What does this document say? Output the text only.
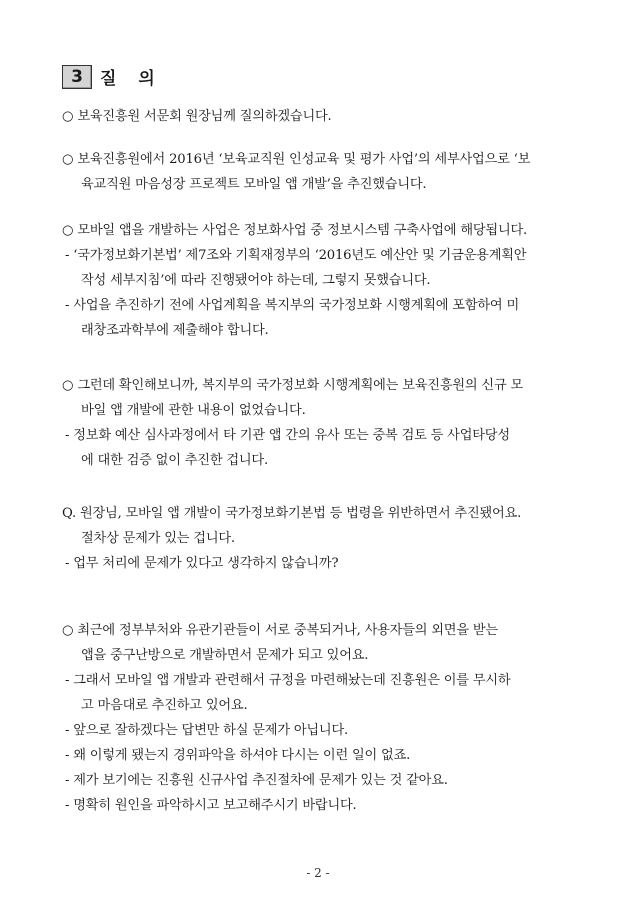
3	질 의
○ 보육진흥원 서문회 원장님께 질의하겠습니다.
○ 보육진흥원에서 2016년 ‘보육교직원 인성교육 및 평가 사업’의 세부사업으로 ‘보
육교직원 마음성장 프로젝트 모바일 앱 개발’을 추진했습니다.
○ 모바일 앱을 개발하는 사업은 정보화사업 중 정보시스템 구축사업에 해당됩니다.
- ‘국가정보화기본법’ 제7조와 기획재정부의 ‘2016년도 예산안 및 기금운용계획안
작성 세부지침’에 따라 진행됐어야 하는데, 그렇지 못했습니다.
- 사업을 추진하기 전에 사업계획을 복지부의 국가정보화 시행계획에 포함하여 미
래창조과학부에 제출해야 합니다.
○ 그런데 확인해보니까, 복지부의 국가정보화 시행계획에는 보육진흥원의 신규 모
바일 앱 개발에 관한 내용이 없었습니다.
- 정보화 예산 심사과정에서 타 기관 앱 간의 유사 또는 중복 검토 등 사업타당성
에 대한 검증 없이 추진한 겁니다.
Q. 원장님, 모바일 앱 개발이 국가정보화기본법 등 법령을 위반하면서 추진됐어요.
절차상 문제가 있는 겁니다.
- 업무 처리에 문제가 있다고 생각하지 않습니까?
○ 최근에 정부부처와 유관기관들이 서로 중복되거나, 사용자들의 외면을 받는
앱을 중구난방으로 개발하면서 문제가 되고 있어요.
- 그래서 모바일 앱 개발과 관련해서 규정을 마련해놨는데 진흥원은 이를 무시하
고 마음대로 추진하고 있어요.
- 앞으로 잘하겠다는 답변만 하실 문제가 아닙니다.
- 왜 이렇게 됐는지 경위파악을 하셔야 다시는 이런 일이 없죠.
- 제가 보기에는 진흥원 신규사업 추진절차에 문제가 있는 것 같아요.
- 명확히 원인을 파악하시고 보고해주시기 바랍니다.
- 2 -
